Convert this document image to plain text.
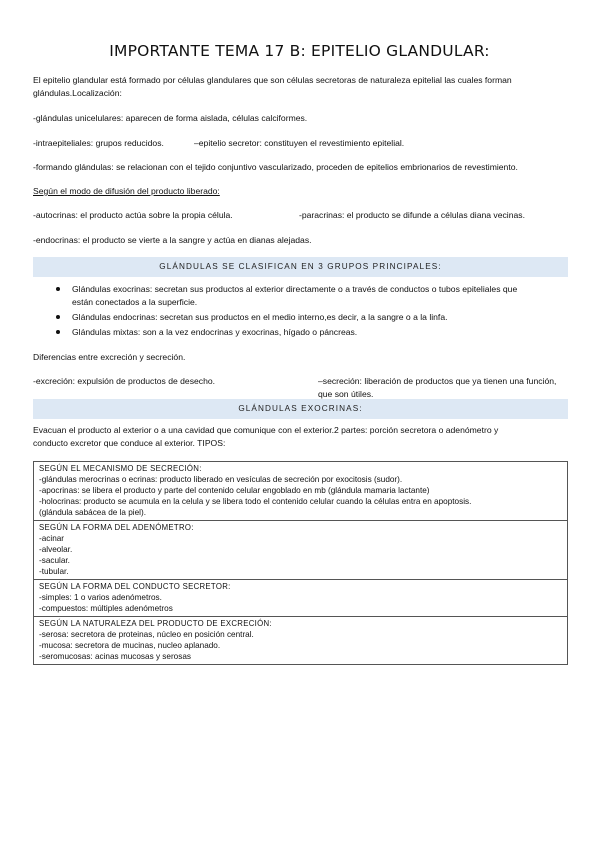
IMPORTANTE TEMA 17 B: EPITELIO GLANDULAR:

El epitelio glandular está formado por células glandulares que son células secretoras de naturaleza epitelial las cuales forman
glándulas.Localización:

-glándulas unicelulares: aparecen de forma aislada, células calciformes.

-intraepiteliales: grupos reducidos.	–epitelio secretor: constituyen el revestimiento epitelial.

-formando glándulas: se relacionan con el tejido conjuntivo vascularizado, proceden de epitelios embrionarios de revestimiento.

Según el modo de difusión del producto liberado:

-autocrinas: el producto actúa sobre la propia célula.	-paracrinas: el producto se difunde a células diana vecinas.

-endocrinas: el producto se vierte a la sangre y actúa en dianas alejadas.

GLÁNDULAS SE CLASIFICAN EN 3 GRUPOS PRINCIPALES:
Glándulas exocrinas: secretan sus productos al exterior directamente o a través de conductos o tubos epiteliales que
están conectados a la superficie.
Glándulas endocrinas: secretan sus productos en el medio interno,es decir, a la sangre o a la linfa.
Glándulas mixtas: son a la vez endocrinas y exocrinas, hígado o páncreas.

Diferencias entre excreción y secreción.

-excreción: expulsión de productos de desecho.	–secreción: liberación de productos que ya tienen una función, que son útiles.

GLÁNDULAS EXOCRINAS:

Evacuan el producto al exterior o a una cavidad que comunique con el exterior.2 partes: porción secretora o adenómetro y
conducto excretor que conduce al exterior. TIPOS:

SEGÚN EL MECANISMO DE SECRECIÓN:
-glándulas merocrinas o ecrinas: producto liberado en vesículas de secreción por exocitosis (sudor).
-apocrinas: se libera el producto y parte del contenido celular engoblado en mb (glándula mamaria lactante)
-holocrinas: producto se acumula en la celula y se libera todo el contenido celular cuando la células entra en apoptosis.
(glándula sabácea de la piel).
SEGÚN LA FORMA DEL ADENÓMETRO:
-acinar
-alveolar.
-sacular.
-tubular.
SEGÚN LA FORMA DEL CONDUCTO SECRETOR:
-simples: 1 o varios adenómetros.
-compuestos: múltiples adenómetros
SEGÚN LA NATURALEZA DEL PRODUCTO DE EXCRECIÓN:
-serosa: secretora de proteinas, núcleo en posición central.
-mucosa: secretora de mucinas, nucleo aplanado.
-seromucosas: acinas mucosas y serosas
